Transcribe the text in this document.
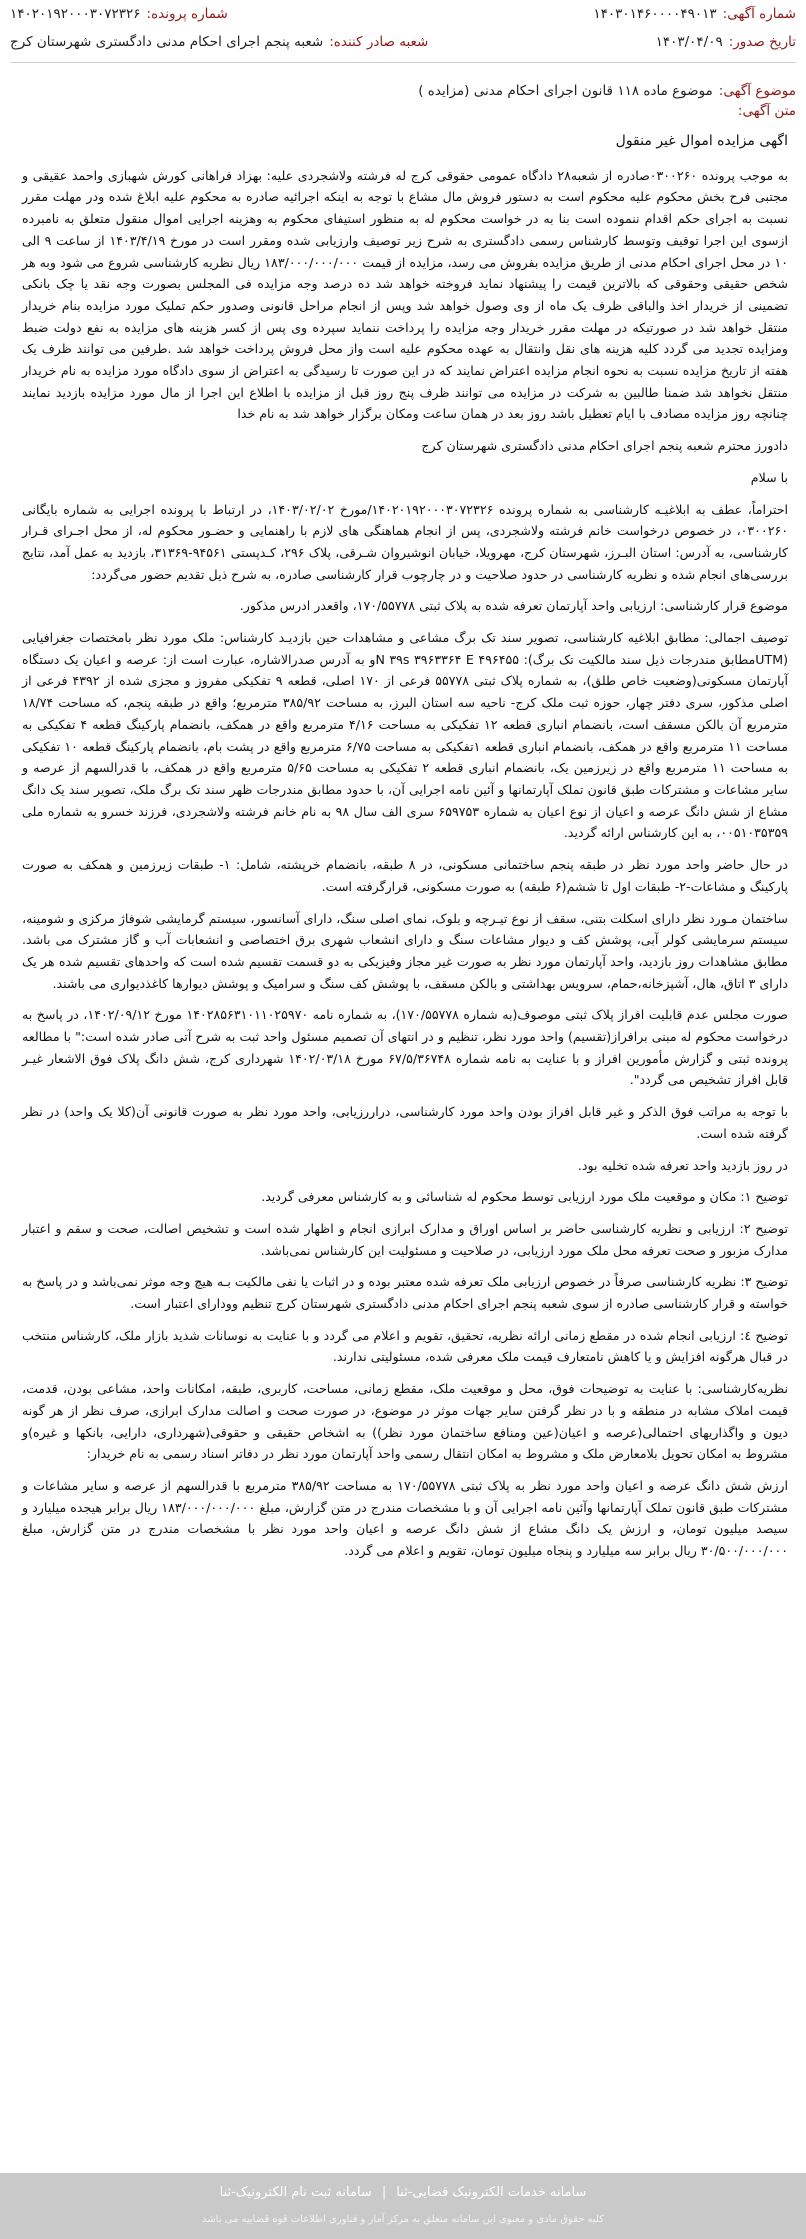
شماره آگهی:
۱۴۰۳۰۱۴۶۰۰۰۰۴۹۰۱۳
شماره پرونده:
۱۴۰۲۰۱۹۲۰۰۰۳۰۷۲۳۲۶
تاریخ صدور:
۱۴۰۳/۰۴/۰۹
شعبه صادر کننده:
شعبه پنجم اجرای احکام مدنی دادگستری شهرستان کرج
موضوع آگهی:
موضوع ماده ۱۱۸ قانون اجرای احکام مدنی (مزایده )
متن آگهی:

اگهی مزایده اموال غیر منقول

به موجب پرونده ۰۳۰۰۲۶۰صادره از شعبه۲۸ دادگاه عمومی حقوقی کرج له فرشته ولاشجردی علیه: بهزاد فراهانی کورش شهبازی واحمد عقیقی و مجتبی فرح بخش محکوم علیه محکوم است به دستور فروش مال مشاع با توجه به اینکه اجرائیه صادره به محکوم علیه ابلاغ شده ودر مهلت مقرر نسبت به اجرای حکم اقدام ننموده است بنا به در خواست محکوم له به منظور استیفای محکوم به وهزینه اجرایی اموال منقول متعلق به نامبرده ازسوی این اجرا توقیف وتوسط کارشناس رسمی دادگستری به شرح زیر توصیف وارزیابی شده ومقرر است در مورخ ۱۴۰۳/۴/۱۹ از ساعت ۹ الی ۱۰ در محل اجرای احکام مدنی از طریق مزایده بفروش می رسد، مزایده از قیمت ۱۸۳/۰۰۰/۰۰۰/۰۰۰ ریال نظریه کارشناسی شروع می شود وبه هر شخص حقیقی وحقوقی که بالاترین قیمت را پیشنهاد نماید فروخته خواهد شد ده درصد وجه مزایده فی المجلس بصورت وجه نقد یا چک بانکی تضمینی از خریدار اخذ والباقی ظرف یک ماه از وی وصول خواهد شد وپس از انجام مراحل قانونی وصدور حکم تملیک مورد مزایده بنام خریدار منتقل خواهد شد در صورتیکه در مهلت مقرر خریدار وجه مزایده را پرداخت ننماید سپرده وی پس از کسر هزینه های مزایده به نفع دولت ضبط ومزایده تجدید می گردد کلیه هزینه های نقل وانتقال به عهده محکوم علیه است واز محل فروش پرداخت خواهد شد .طرفین می توانند ظرف یک هفته از تاریخ مزایده نسبت به نحوه انجام مزایده اعتراض نمایند که در این صورت تا رسیدگی به اعتراض از سوی دادگاه مورد مزایده به نام خریدار منتقل نخواهد شد ضمنا طالبین به شرکت در مزایده می توانند ظرف پنج روز قبل از مزایده با اطلاع این اجرا از مال مورد مزایده بازدید نمایند چنانچه روز مزایده مصادف با ایام تعطیل باشد روز بعد در همان ساعت ومکان برگزار خواهد شد به نام خدا

دادورز محترم شعبه پنجم اجرای احکام مدنی دادگستری شهرستان کرج

با سلام

احتراماً، عطف به ابلاغیـه کارشناسی به شماره پرونده ۱۴۰۲۰۱۹۲۰۰۰۳۰۷۲۳۲۶/مورخ ۱۴۰۳/۰۲/۰۲، در ارتباط با پرونده اجرایی به شماره بایگانی ۰۳۰۰۲۶۰، در خصوص درخواست خانم فرشته ولاشجردی، پس از انجام هماهنگی های لازم با راهنمایی و حضـور محکوم له، از محل اجـرای قـرار کارشناسی، به آدرس: استان البـرز، شهرستان کرج، مهرویلا، خیابان انوشیروان شـرقی، پلاک ۲۹۶، کـدپستی ۹۴۵۶۱-۳۱۳۶۹، بازدید به عمل آمد، نتایج بررسی‌های انجام شده و نظریه کارشناسی در حدود صلاحیت و در چارچوب قرار کارشناسی صادره، به شرح ذیل تقدیم حضور می‌گردد:

موضوع قرار کارشناسی: ارزیابی واحد آپارتمان تعرفه شده به پلاک ثبتی ۱۷۰/۵۵۷۷۸، واقعدر ادرس مذکور.

توصیف اجمالی: مطابق ابلاغیه کارشناسی، تصویر سند تک برگ مشاعی و مشاهدات حین بازدیـد کارشناس: ملک مورد نظر بامختصات جغرافیایی (UTMمطابق مندرجات ذیل سند مالکیت تک برگ): N ۳۹s ۳۹۶۳۳۶۴ E ۴۹۶۴۵۵و به آدرس صدرالاشاره، عبارت است از: عرصه و اعیان یک دستگاه آپارتمان مسکونی(وضعیت خاص طلق)، به شماره پلاک ثبتی ۵۵۷۷۸ فرعی از ۱۷۰ اصلی، قطعه ۹ تفکیکی مفروز و مجزی شده از ۴۳۹۲ فرعی از اصلی مذکور، سری دفتر چهار، حوزه ثبت ملک کرج- ناحیه سه استان البرز، به مساحت ۳۸۵/۹۲ مترمربع؛ واقع در طبقه پنجم، که مساحت ۱۸/۷۴ مترمربع آن بالکن مسقف است، بانضمام انباری قطعه ۱۲ تفکیکی به مساحت ۴/۱۶ مترمربع واقع در همکف، بانضمام پارکینگ قطعه ۴ تفکیکی به مساحت ۱۱ مترمربع واقع در همکف، بانضمام انباری قطعه ۱تفکیکی به مساحت ۶/۷۵ مترمربع واقع در پشت بام، بانضمام پارکینگ قطعه ۱۰ تفکیکی به مساحت ۱۱ مترمربع واقع در زیرزمین یک، بانضمام انباری قطعه ۲ تفکیکی به مساحت ۵/۶۵ مترمربع واقع در همکف، با قدرالسهم از عرصه و سایر مشاعات و مشترکات طبق قانون تملک آپارتمانها و آئین نامه اجرایی آن، با حدود مطابق مندرجات ظهر سند تک برگ ملک، تصویر سند یک دانگ مشاع از شش دانگ عرصه و اعیان از نوع اعیان به شماره ۶۵۹۷۵۳ سری الف سال ۹۸ به نام خانم فرشته ولاشجردی، فرزند خسرو به شماره ملی ۰۰۵۱۰۳۵۳۵۹، به این کارشناس ارائه گردید.

در حال حاضر واحد مورد نظر در طبقه پنجم ساختمانی مسکونی، در ۸ طبقه، بانضمام خرپشته، شامل: ۱- طبقات زیرزمین و همکف به صورت پارکینگ و مشاعات-۲- طبقات اول تا ششم(۶ طبقه) به صورت مسکونی، قرارگرفته است.

ساختمان مـورد نظر دارای اسکلت بتنی، سقف از نوع تیـرچه و بلوک، نمای اصلی سنگ، دارای آسانسور، سیستم گرمایشی شوفاژ مرکزی و شومینه، سیستم سرمایشی کولر آبی، پوشش کف و دیوار مشاعات سنگ و دارای انشعاب شهری برق اختصاصی و انشعابات آب و گاز مشترک می باشد. مطابق مشاهدات روز بازدید، واحد آپارتمان مورد نظر به صورت غیر مجاز وفیزیکی به دو قسمت تقسیم شده است که واحدهای تقسیم شده هر یک دارای ۳ اتاق، هال، آشپزخانه،حمام، سرویس بهداشتی و بالکن مسقف، با پوشش کف سنگ و سرامیک و پوشش دیوارها کاغذدیواری می باشند.

صورت مجلس عدم قابلیت افراز پلاک ثبتی موصوف(به شماره ۱۷۰/۵۵۷۷۸)، به شماره نامه ۱۴۰۲۸۵۶۳۱۰۱۱۰۲۵۹۷۰ مورخ ۱۴۰۲/۰۹/۱۲، در پاسخ به درخواست محکوم له مبنی برافراز(تقسیم) واحد مورد نظر، تنظیم و در انتهای آن تصمیم مسئول واحد ثبت به شرح آتی صادر شده است:" با مطالعه پرونده ثبتی و گزارش مأمورین افراز و با عنایت به نامه شماره ۶۷/۵/۳۶۷۴۸ مورخ ۱۴۰۲/۰۳/۱۸ شهرداری کرج، شش دانگ پلاک فوق الاشعار غیـر قابل افراز تشخیص می گردد".

با توجه به مراتب فوق الذکر و غیر قابل افراز بودن واحد مورد کارشناسی، دراررزیابی، واحد مورد نظر به صورت قانونی آن(کلا یک واحد) در نظر گرفته شده است.

در روز بازدید واحد تعرفه شده تخلیه بود.

توضیح ۱: مکان و موقعیت ملک مورد ارزیابی توسط محکوم له شناسائی و به کارشناس معرفی گردید.

توضیح ۲: ارزیابی و نظریه کارشناسی حاضر بر اساس اوراق و مدارک ابرازی انجام و اظهار شده است و تشخیص اصالت، صحت و سقم و اعتبار مدارک مزبور و صحت تعرفه محل ملک مورد ارزیابی، در صلاحیت و مسئولیت این کارشناس نمی‌باشد.

توضیح ۳: نظریه کارشناسی صرفاً در خصوص ارزیابی ملک تعرفه شده معتبر بوده و در اثبات یا نفی مالکیت بـه هیچ وجه موثر نمی‌باشد و در پاسخ به خواسته و قرار کارشناسی صادره از سوی شعبه پنجم اجرای احکام مدنی دادگستری شهرستان کرج تنظیم وودارای اعتبار است.

توضیح ٤: ارزیابی انجام شده در مقطع زمانی ارائه نظریه، تحقیق، تقویم و اعلام می گردد و با عنایت به نوسانات شدید بازار ملک، کارشناس منتخب در قبال هرگونه افزایش و یا کاهش نامتعارف قیمت ملک معرفی شده، مسئولیتی ندارند.

نظریه‌کارشناسی: با عنایت به توضیحات فوق، محل و موقعیت ملک، مقطع زمانی، مساحت، کاربری، طبقه، امکانات واحد، مشاعی بودن، قدمت، قیمت املاک مشابه در منطقه و با در نظر گرفتن سایر جهات موثر در موضوع، در صورت صحت و اصالت مدارک ابرازی، صرف نظر از هر گونه دیون و واگذاریهای احتمالی(عرصه و اعیان(عین ومنافع ساختمان مورد نظر)) به اشخاص حقیقی و حقوقی(شهرداری، دارایی، بانکها و غیره)و مشروط به امکان تحویل بلامعارض ملک و مشروط به امکان انتقال رسمی واحد آپارتمان مورد نظر در دفاتر اسناد رسمی به نام خریدار:

ارزش شش دانگ عرصه و اعیان واحد مورد نظر به پلاک ثبتی ۱۷۰/۵۵۷۷۸ به مساحت ۳۸۵/۹۲ مترمربع با قدرالسهم از عرصه و سایر مشاعات و مشترکات طبق قانون تملک آپارتمانها وآئین نامه اجرایی آن و با مشخصات مندرج در متن گزارش، مبلغ ۱۸۳/۰۰۰/۰۰۰/۰۰۰ ریال برابر هیجده میلیارد و سیصد میلیون تومان، و ارزش یک دانگ مشاع از شش دانگ عرصه و اعیان واحد مورد نظر با مشخصات مندرج در متن گزارش، مبلغ ۳۰/۵۰۰/۰۰۰/۰۰۰ ریال برابر سه میلیارد و پنجاه میلیون تومان، تقویم و اعلام می گردد.

سامانه خدمات الکترونیک قضایی-ثنا
|
سامانه ثبت نام الکترونیک-ثنا
کلیه حقوق مادی و معنوی این سامانه متعلق به مرکز آمار و فناوری اطلاعات قوه قضاییه می باشد
